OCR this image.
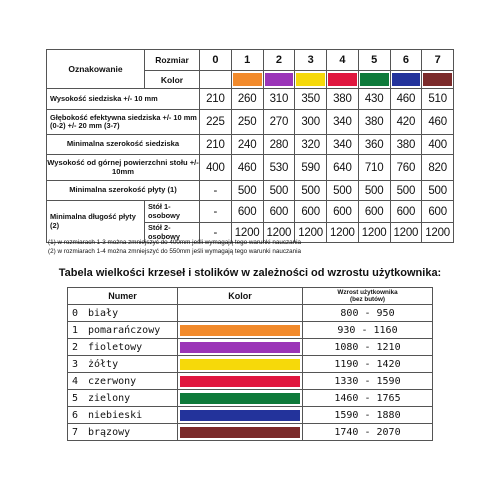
Oznakowanie	Rozmiar	0	1	2	3	4	5	6	7
	Kolor	

Wysokość siedziska +/- 10 mm		210	260	310	350	380	430	460	510
Głębokość efektywna siedziska +/- 10 mm (0-2) +/- 20 mm (3-7)		225	250	270	300	340	380	420	460
Minimalna szerokość siedziska		210	240	280	320	340	360	380	400
Wysokość od górnej powierzchni stołu +/- 10mm		400	460	530	590	640	710	760	820
Minimalna szerokość płyty (1)		-	500	500	500	500	500	500	500
Minimalna długość płyty (2)	Stół 1-osobowy	-	600	600	600	600	600	600	600
	Stół 2-osobowy	-	1200	1200	1200	1200	1200	1200	1200
(1) w rozmiarach 1-3 można zmniejszyć do 400mm jeśli wymagają tego warunki nauczania
(2) w rozmiarach 1-4 można zmniejszyć do 550mm jeśli wymagają tego warunki nauczania
Tabela wielkości krzeseł i stolików w zależności od wzrostu użytkownika:
Numer	Kolor	Wzrost użytkownika
(bez butów)

0 biały		800 - 950
1 pomarańczowy		930 - 1160
2 fioletowy		1080 - 1210
3 żółty		1190 - 1420
4 czerwony		1330 - 1590
5 zielony		1460 - 1765
6 niebieski		1590 - 1880
7 brązowy		1740 - 2070
